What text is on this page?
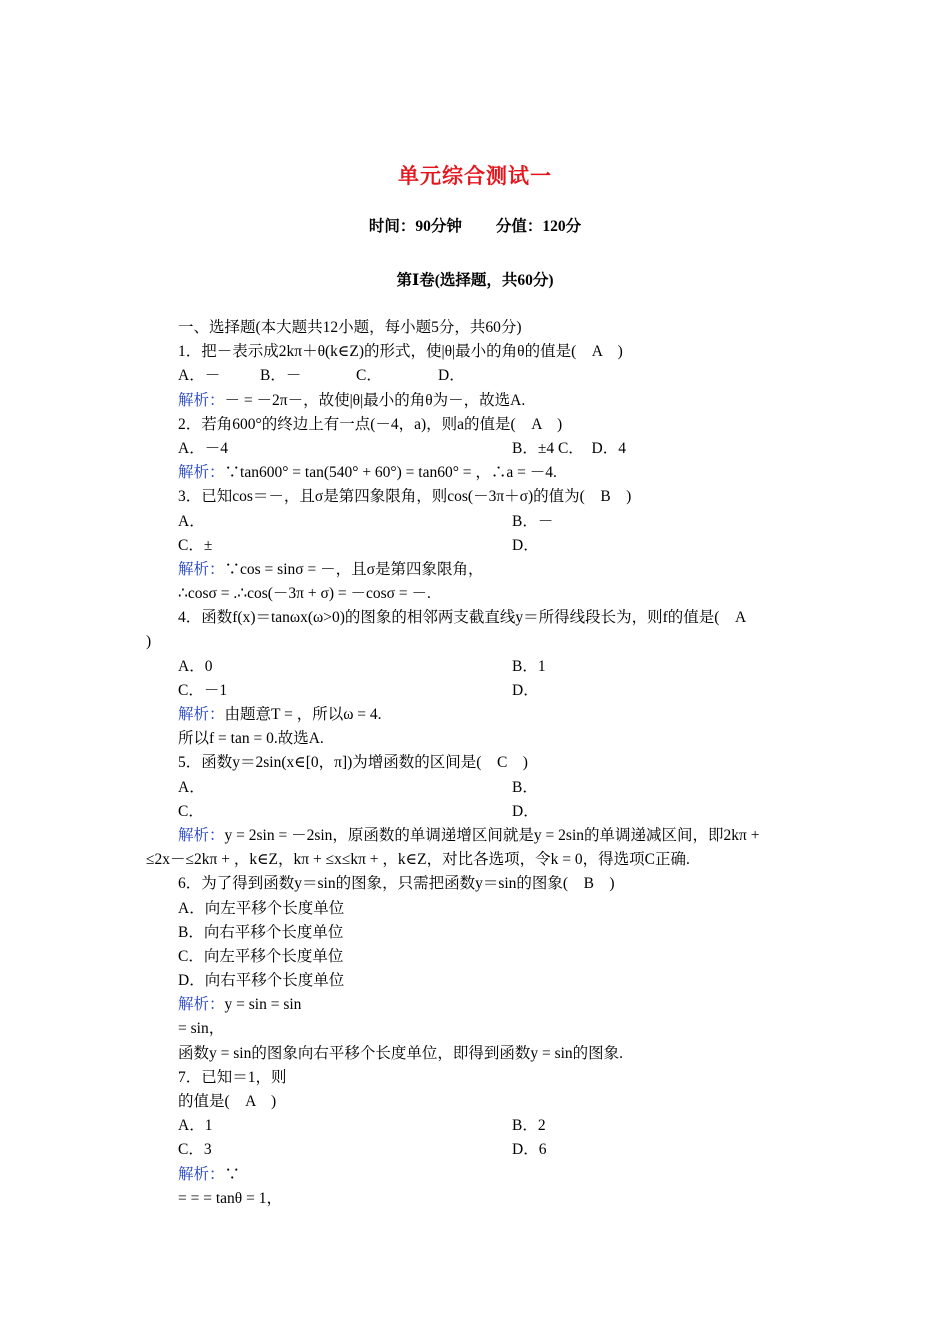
单元综合测试一
时间：90分钟 分值：120分
第Ⅰ卷(选择题，共60分)
一、选择题(本大题共12小题，每小题5分，共60分)
1．把－表示成2kπ＋θ(k∈Z)的形式，使|θ|最小的角θ的值是(　A　)
A．－	B．－	C．	D．
解析：－ = －2π－，故使|θ|最小的角θ为－，故选A.
2．若角600°的终边上有一点(－4，a)，则a的值是(　A　)
A．－4	B．±4 C．　D．4
解析：∵tan600° = tan(540° + 60°) = tan60° = ，∴a = －4.
3．已知cos＝－，且σ是第四象限角，则cos(－3π＋σ)的值为(　B　)
A．	B．－
C．±	D．
解析：∵cos = sinσ = －，且σ是第四象限角，
∴cosσ = .∴cos(－3π + σ) = －cosσ = －.
4．函数f(x)＝tanωx(ω>0)的图象的相邻两支截直线y＝所得线段长为，则f的值是(　A
)
A．0	B．1
C．－1	D．
解析：由题意T = ，所以ω = 4.
所以f = tan = 0.故选A.
5．函数y＝2sin(x∈[0，π])为增函数的区间是(　C　)
A．	B．
C．	D．
解析：y = 2sin = －2sin，原函数的单调递增区间就是y = 2sin的单调递减区间，即2kπ +
≤2x－≤2kπ + ，k∈Z，kπ + ≤x≤kπ + ，k∈Z，对比各选项，令k = 0，得选项C正确.
6．为了得到函数y＝sin的图象，只需把函数y＝sin的图象(　B　)
A．向左平移个长度单位
B．向右平移个长度单位
C．向左平移个长度单位
D．向右平移个长度单位
解析：y = sin = sin
= sin，
函数y = sin的图象向右平移个长度单位，即得到函数y = sin的图象.
7．已知＝1，则
的值是(　A　)
A．1	B．2
C．3	D．6
解析：∵
= = = tanθ = 1，
